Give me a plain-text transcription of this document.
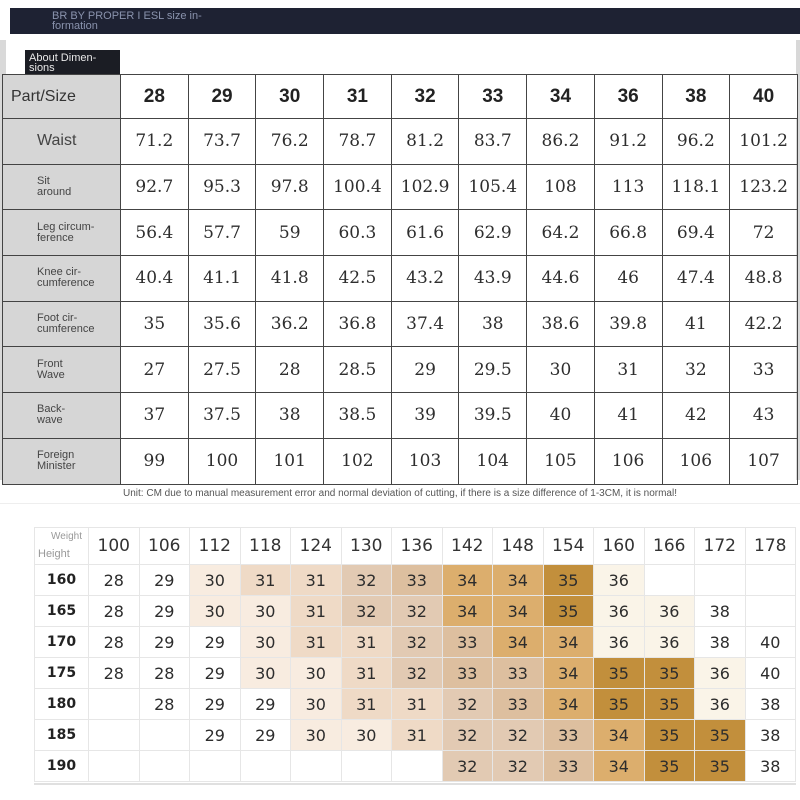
BR BY PROPER I ESL size in-
formation
About Dimen-
sions
Part/Size	28	29	30	31	32	33	34	36	38	40
Waist	71.2	73.7	76.2	78.7	81.2	83.7	86.2	91.2	96.2	101.2
Sit
around	92.7	95.3	97.8	100.4	102.9	105.4	108	113	118.1	123.2
Leg circum-
ference	56.4	57.7	59	60.3	61.6	62.9	64.2	66.8	69.4	72
Knee cir-
cumference	40.4	41.1	41.8	42.5	43.2	43.9	44.6	46	47.4	48.8
Foot cir-
cumference	35	35.6	36.2	36.8	37.4	38	38.6	39.8	41	42.2
Front
Wave	27	27.5	28	28.5	29	29.5	30	31	32	33
Back-
wave	37	37.5	38	38.5	39	39.5	40	41	42	43
Foreign
Minister	99	100	101	102	103	104	105	106	106	107
Unit: CM due to manual measurement error and normal deviation of cutting, if there is a size difference of 1-3CM, it is normal!
Weight
Height	100	106	112	118	124	130	136	142	148	154	160	166	172	178
160	28	29	30	31	31	32	33	34	34	35	36			
165	28	29	30	30	31	32	32	34	34	35	36	36	38	
170	28	29	29	30	31	31	32	33	34	34	36	36	38	40
175	28	28	29	30	30	31	32	33	33	34	35	35	36	40
180		28	29	29	30	31	31	32	33	34	35	35	36	38
185			29	29	30	30	31	32	32	33	34	35	35	38
190								32	32	33	34	35	35	38
